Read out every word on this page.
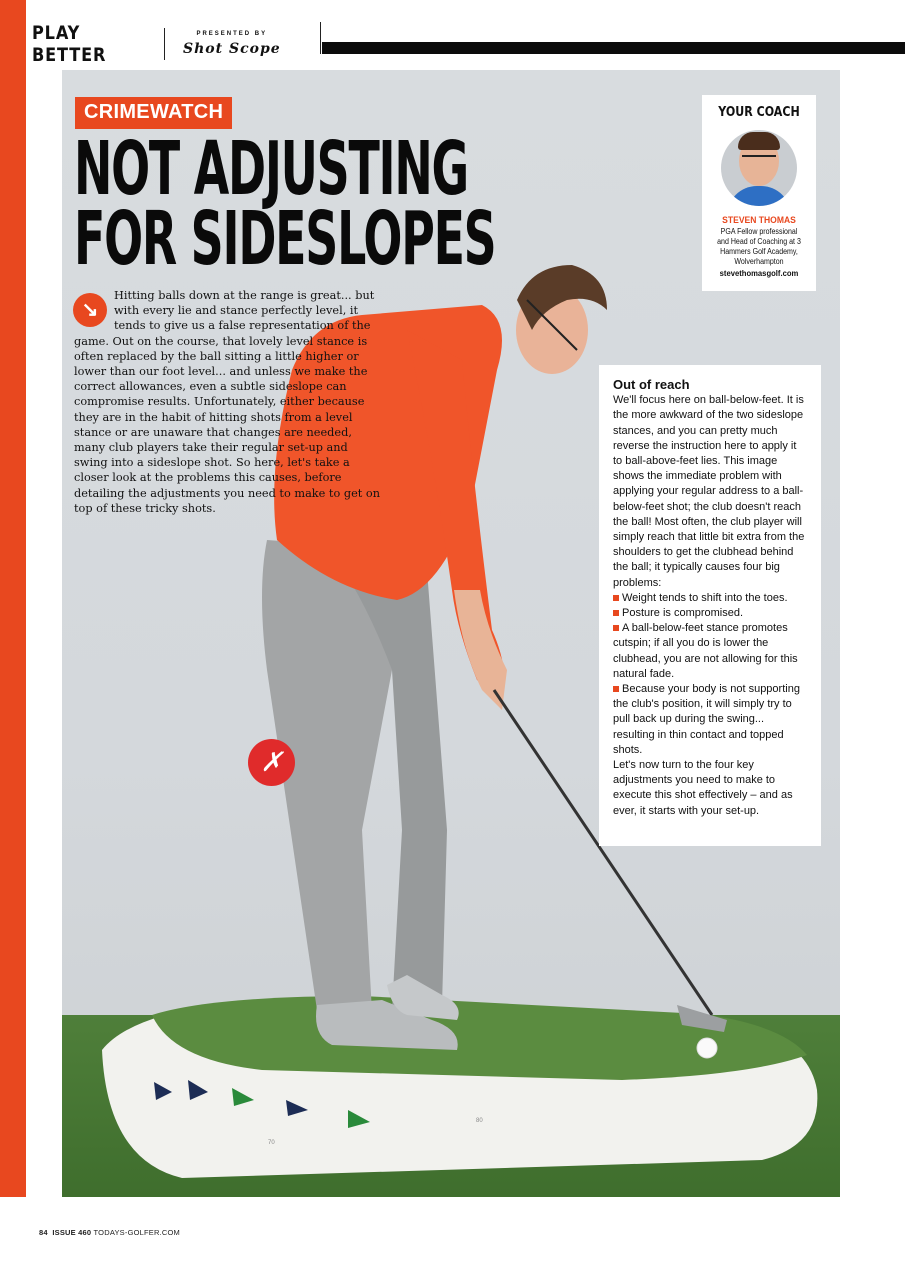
PLAY BETTER
PRESENTED BY
Shot Scope
70
80
CRIMEWATCH
NOT ADJUSTING
FOR SIDESLOPES
↘

Hitting balls down at the range is great... but with every lie and stance perfectly level, it tends to give us a false representation of the game. Out on the course, that lovely level stance is often replaced by the ball sitting a little higher or lower than our foot level... and unless we make the correct allowances, even a subtle sideslope can compromise results. Unfortunately, either because they are in the habit of hitting shots from a level stance or are unaware that changes are needed, many club players take their regular set-up and swing into a sideslope shot. So here, let's take a closer look at the problems this causes, before detailing the adjustments you need to make to get on top of these tricky shots.

YOUR COACH
STEVEN THOMAS
PGA Fellow professional and Head of Coaching at 3 Hammers Golf Academy, Wolverhampton
stevethomasgolf.com
Out of reach

We'll focus here on ball-below-feet. It is the more awkward of the two sideslope stances, and you can pretty much reverse the instruction here to apply it to ball-above-feet lies. This image shows the immediate problem with applying your regular address to a ball-below-feet shot; the club doesn't reach the ball! Most often, the club player will simply reach that little bit extra from the shoulders to get the clubhead behind the ball; it typically causes four big problems:

Weight tends to shift into the toes.
Posture is compromised.
A ball-below-feet stance promotes cutspin; if all you do is lower the clubhead, you are not allowing for this natural fade.
Because your body is not supporting the club's position, it will simply try to pull back up during the swing... resulting in thin contact and topped shots.

Let's now turn to the four key adjustments you need to make to execute this shot effectively – and as ever, it starts with your set-up.

✗
84 ISSUE 460 TODAYS-GOLFER.COM
